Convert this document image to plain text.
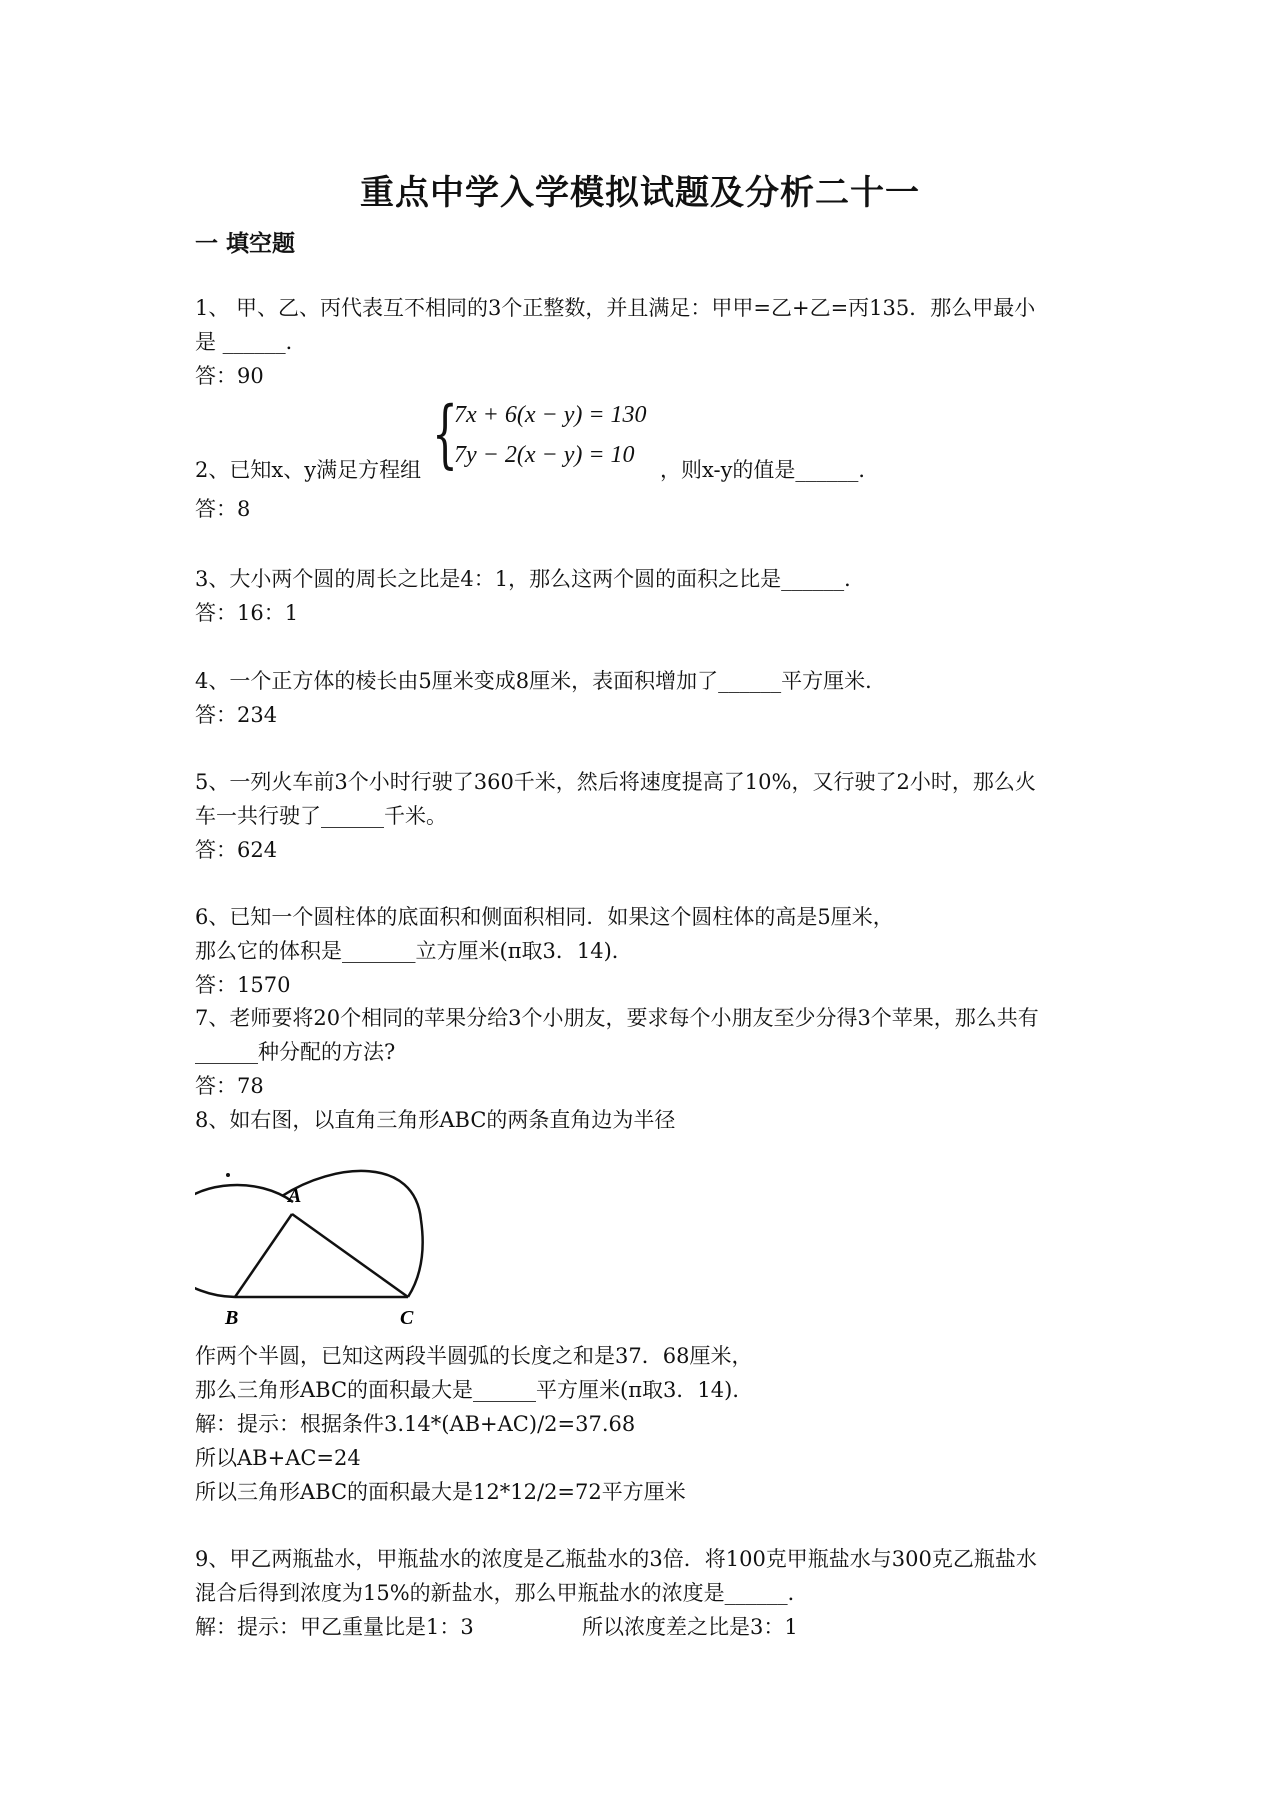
重点中学入学模拟试题及分析二十一
一 填空题
1、 甲、乙、丙代表互不相同的3个正整数，并且满足：甲甲=乙+乙=丙135．那么甲最小
是 ______．
答：90
{
7x + 6(x − y) = 130
7y − 2(x − y) = 10
2、已知x、y满足方程组	，则x-y的值是______．
答：8
3、大小两个圆的周长之比是4：1，那么这两个圆的面积之比是______．
答：16：1
4、一个正方体的棱长由5厘米变成8厘米，表面积增加了______平方厘米．
答：234
5、一列火车前3个小时行驶了360千米，然后将速度提高了10%，又行驶了2小时，那么火
车一共行驶了______千米。
答：624
6、已知一个圆柱体的底面积和侧面积相同．如果这个圆柱体的高是5厘米，
那么它的体积是_______立方厘米(π取3．14)．
答：1570
7、老师要将20个相同的苹果分给3个小朋友，要求每个小朋友至少分得3个苹果，那么共有
______种分配的方法?
答：78
8、如右图，以直角三角形ABC的两条直角边为半径
A
B	C
作两个半圆，已知这两段半圆弧的长度之和是37．68厘米，
那么三角形ABC的面积最大是______平方厘米(π取3．14)．
解：提示：根据条件3.14*(AB+AC)/2=37.68
所以AB+AC=24
所以三角形ABC的面积最大是12*12/2=72平方厘米
9、甲乙两瓶盐水，甲瓶盐水的浓度是乙瓶盐水的3倍．将100克甲瓶盐水与300克乙瓶盐水
混合后得到浓度为15%的新盐水，那么甲瓶盐水的浓度是______．
解：提示：甲乙重量比是1：3	所以浓度差之比是3：1
